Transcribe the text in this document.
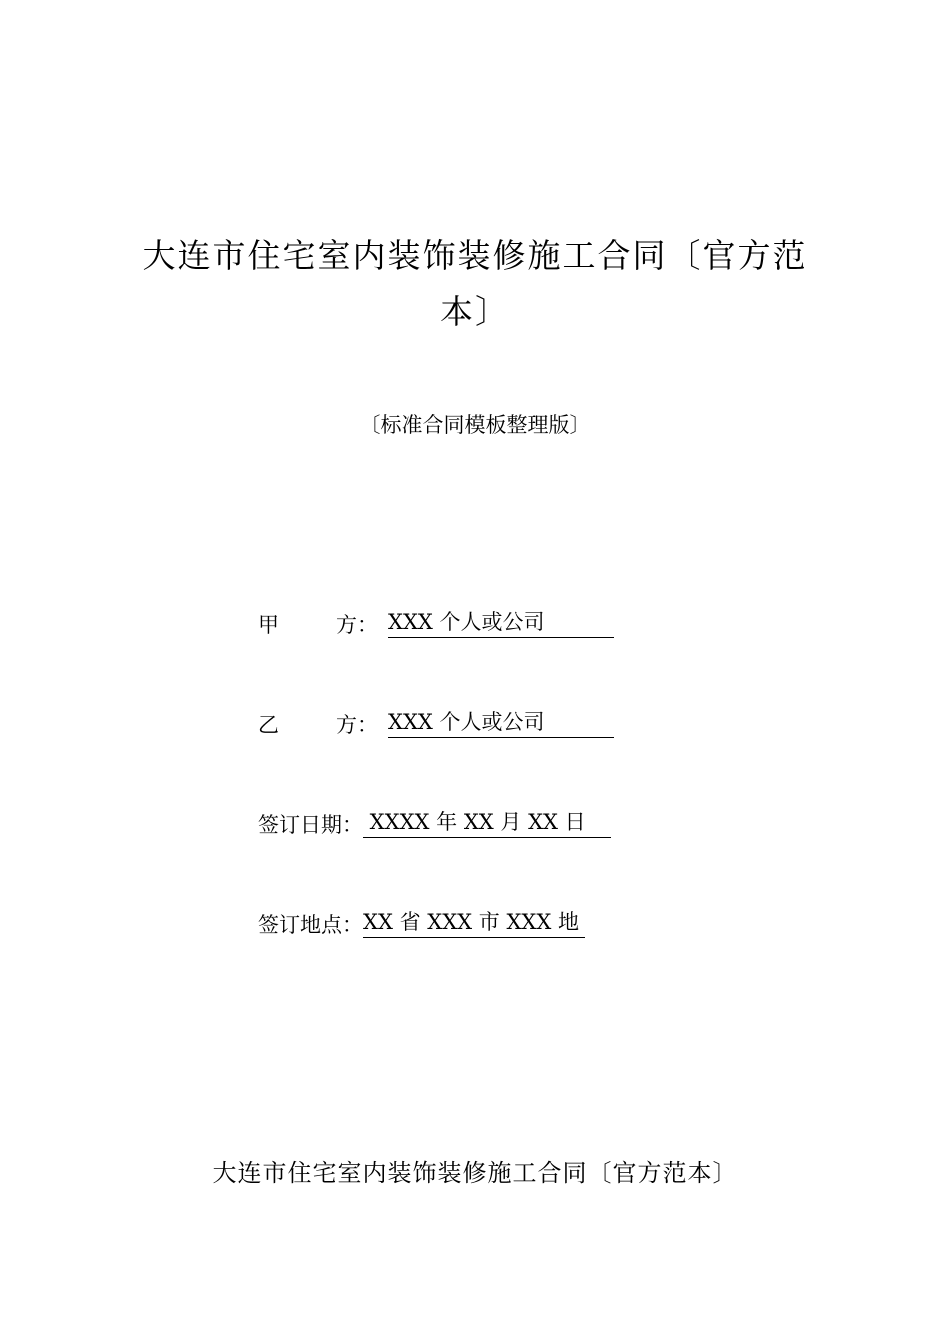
大连市住宅室内装饰装修施工合同〔官方范
本〕
〔标准合同模板整理版〕
甲	方： XXX 个人或公司
乙	方： XXX 个人或公司
签订日期： XXXX 年 XX 月 XX 日
签订地点：XX 省 XXX 市 XXX 地
大连市住宅室内装饰装修施工合同〔官方范本〕
